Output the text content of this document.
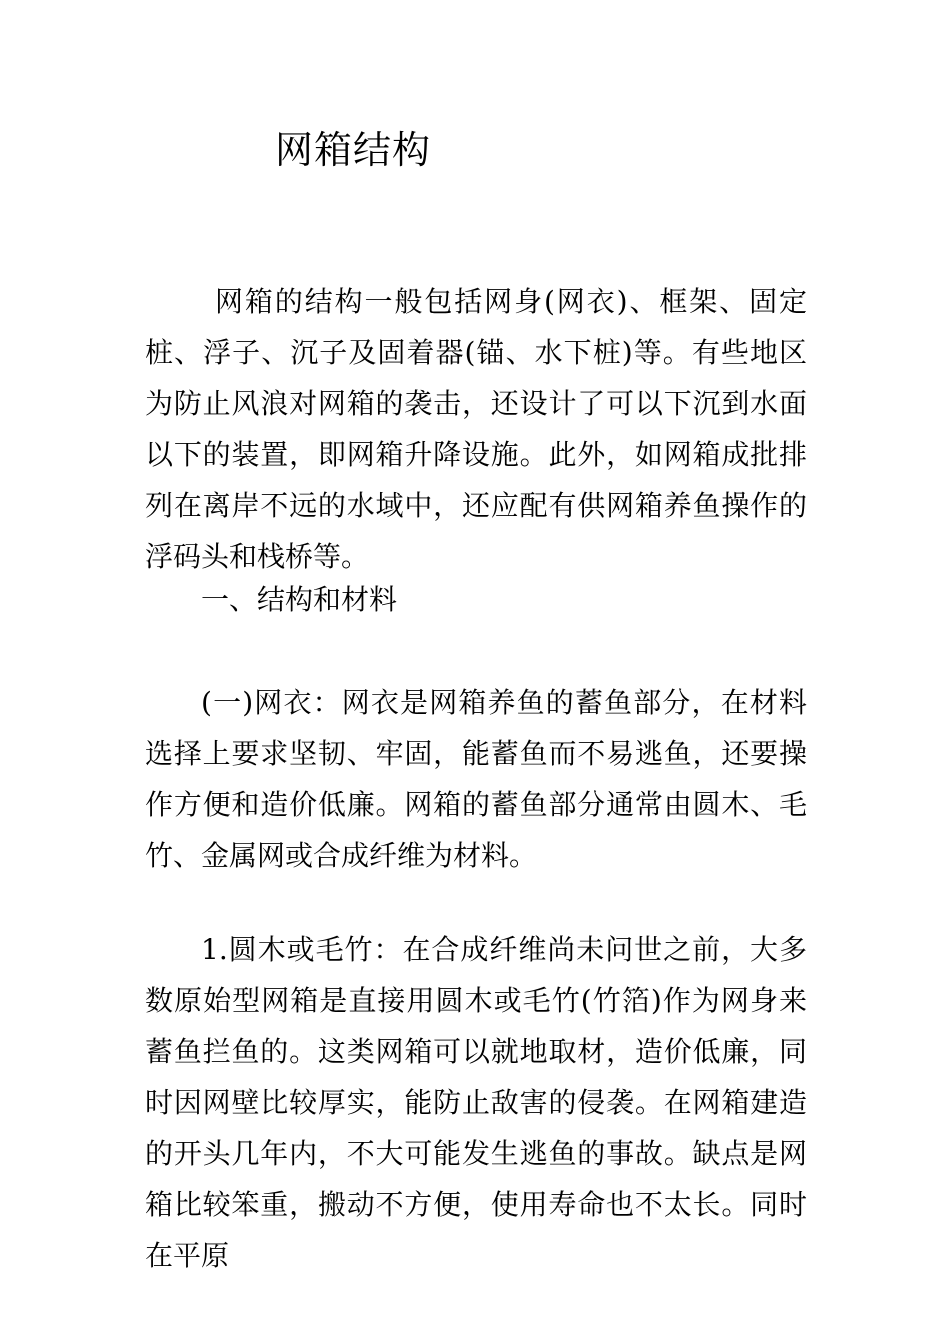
网箱结构

网箱的结构一般包括网身(网衣)、框架、固定桩、浮子、沉子及固着器(锚、水下桩)等。有些地区为防止风浪对网箱的袭击，还设计了可以下沉到水面以下的装置，即网箱升降设施。此外，如网箱成批排列在离岸不远的水域中，还应配有供网箱养鱼操作的浮码头和栈桥等。

一、结构和材料

(一)网衣：网衣是网箱养鱼的蓄鱼部分，在材料选择上要求坚韧、牢固，能蓄鱼而不易逃鱼，还要操作方便和造价低廉。网箱的蓄鱼部分通常由圆木、毛竹、金属网或合成纤维为材料。

1.圆木或毛竹：在合成纤维尚未问世之前，大多数原始型网箱是直接用圆木或毛竹(竹箔)作为网身来蓄鱼拦鱼的。这类网箱可以就地取材，造价低廉，同时因网壁比较厚实，能防止敌害的侵袭。在网箱建造的开头几年内，不大可能发生逃鱼的事故。缺点是网箱比较笨重，搬动不方便，使用寿命也不太长。同时在平原
